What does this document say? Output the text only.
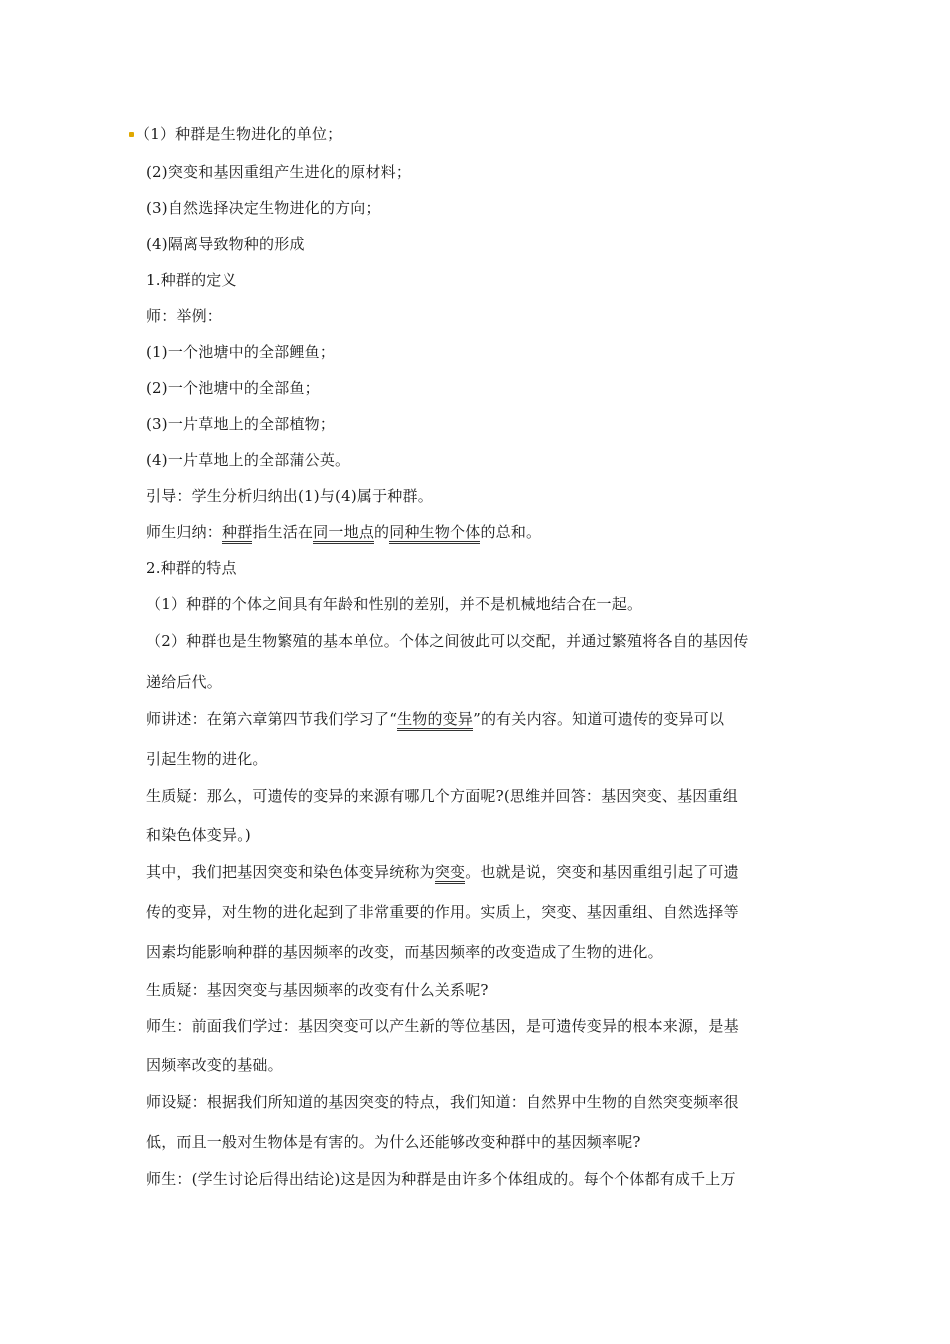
（1）种群是生物进化的单位；
(2)突变和基因重组产生进化的原材料；
(3)自然选择决定生物进化的方向；
(4)隔离导致物种的形成
1.种群的定义
师：举例：
(1)一个池塘中的全部鲤鱼；
(2)一个池塘中的全部鱼；
(3)一片草地上的全部植物；
(4)一片草地上的全部蒲公英。
引导：学生分析归纳出(1)与(4)属于种群。
师生归纳：种群指生活在同一地点的同种生物个体的总和。
2.种群的特点
（1）种群的个体之间具有年龄和性别的差别，并不是机械地结合在一起。
（2）种群也是生物繁殖的基本单位。个体之间彼此可以交配，并通过繁殖将各自的基因传
递给后代。
师讲述：在第六章第四节我们学习了“生物的变异”的有关内容。知道可遗传的变异可以
引起生物的进化。
生质疑：那么，可遗传的变异的来源有哪几个方面呢?(思维并回答：基因突变、基因重组
和染色体变异。)
其中，我们把基因突变和染色体变异统称为突变。也就是说，突变和基因重组引起了可遗
传的变异，对生物的进化起到了非常重要的作用。实质上，突变、基因重组、自然选择等
因素均能影响种群的基因频率的改变，而基因频率的改变造成了生物的进化。
生质疑：基因突变与基因频率的改变有什么关系呢?
师生：前面我们学过：基因突变可以产生新的等位基因，是可遗传变异的根本来源，是基
因频率改变的基础。
师设疑：根据我们所知道的基因突变的特点，我们知道：自然界中生物的自然突变频率很
低，而且一般对生物体是有害的。为什么还能够改变种群中的基因频率呢?
师生：(学生讨论后得出结论)这是因为种群是由许多个体组成的。每个个体都有成千上万
